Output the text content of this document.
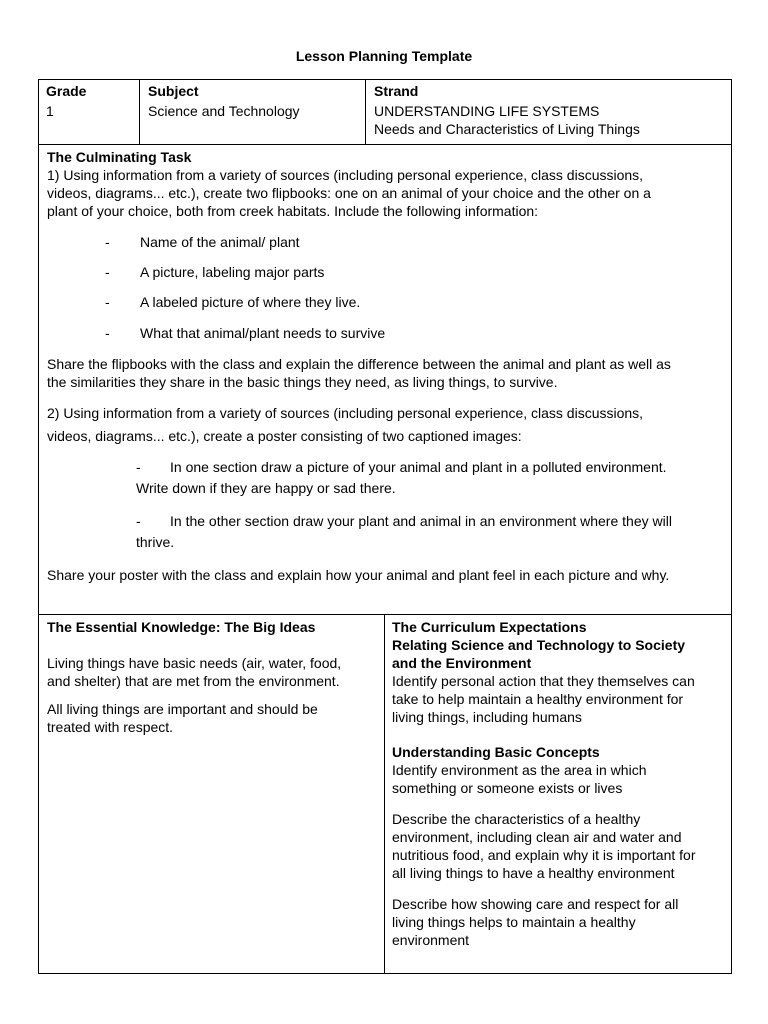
Lesson Planning Template
Grade
1
Subject
Science and Technology
Strand
UNDERSTANDING LIFE SYSTEMS
Needs and Characteristics of Living Things
The Culminating Task
1) Using information from a variety of sources (including personal experience, class discussions,
videos, diagrams... etc.), create two flipbooks: one on an animal of your choice and the other on a
plant of your choice, both from creek habitats. Include the following information:
- Name of the animal/ plant
- A picture, labeling major parts
- A labeled picture of where they live.
- What that animal/plant needs to survive
Share the flipbooks with the class and explain the difference between the animal and plant as well as
the similarities they share in the basic things they need, as living things, to survive.
2) Using information from a variety of sources (including personal experience, class discussions,
videos, diagrams... etc.), create a poster consisting of two captioned images:
- In one section draw a picture of your animal and plant in a polluted environment.
Write down if they are happy or sad there.
- In the other section draw your plant and animal in an environment where they will
thrive.
Share your poster with the class and explain how your animal and plant feel in each picture and why.
The Essential Knowledge: The Big Ideas
Living things have basic needs (air, water, food,
and shelter) that are met from the environment.
All living things are important and should be
treated with respect.
The Curriculum Expectations
Relating Science and Technology to Society
and the Environment
Identify personal action that they themselves can
take to help maintain a healthy environment for
living things, including humans
Understanding Basic Concepts
Identify environment as the area in which
something or someone exists or lives
Describe the characteristics of a healthy
environment, including clean air and water and
nutritious food, and explain why it is important for
all living things to have a healthy environment
Describe how showing care and respect for all
living things helps to maintain a healthy
environment
